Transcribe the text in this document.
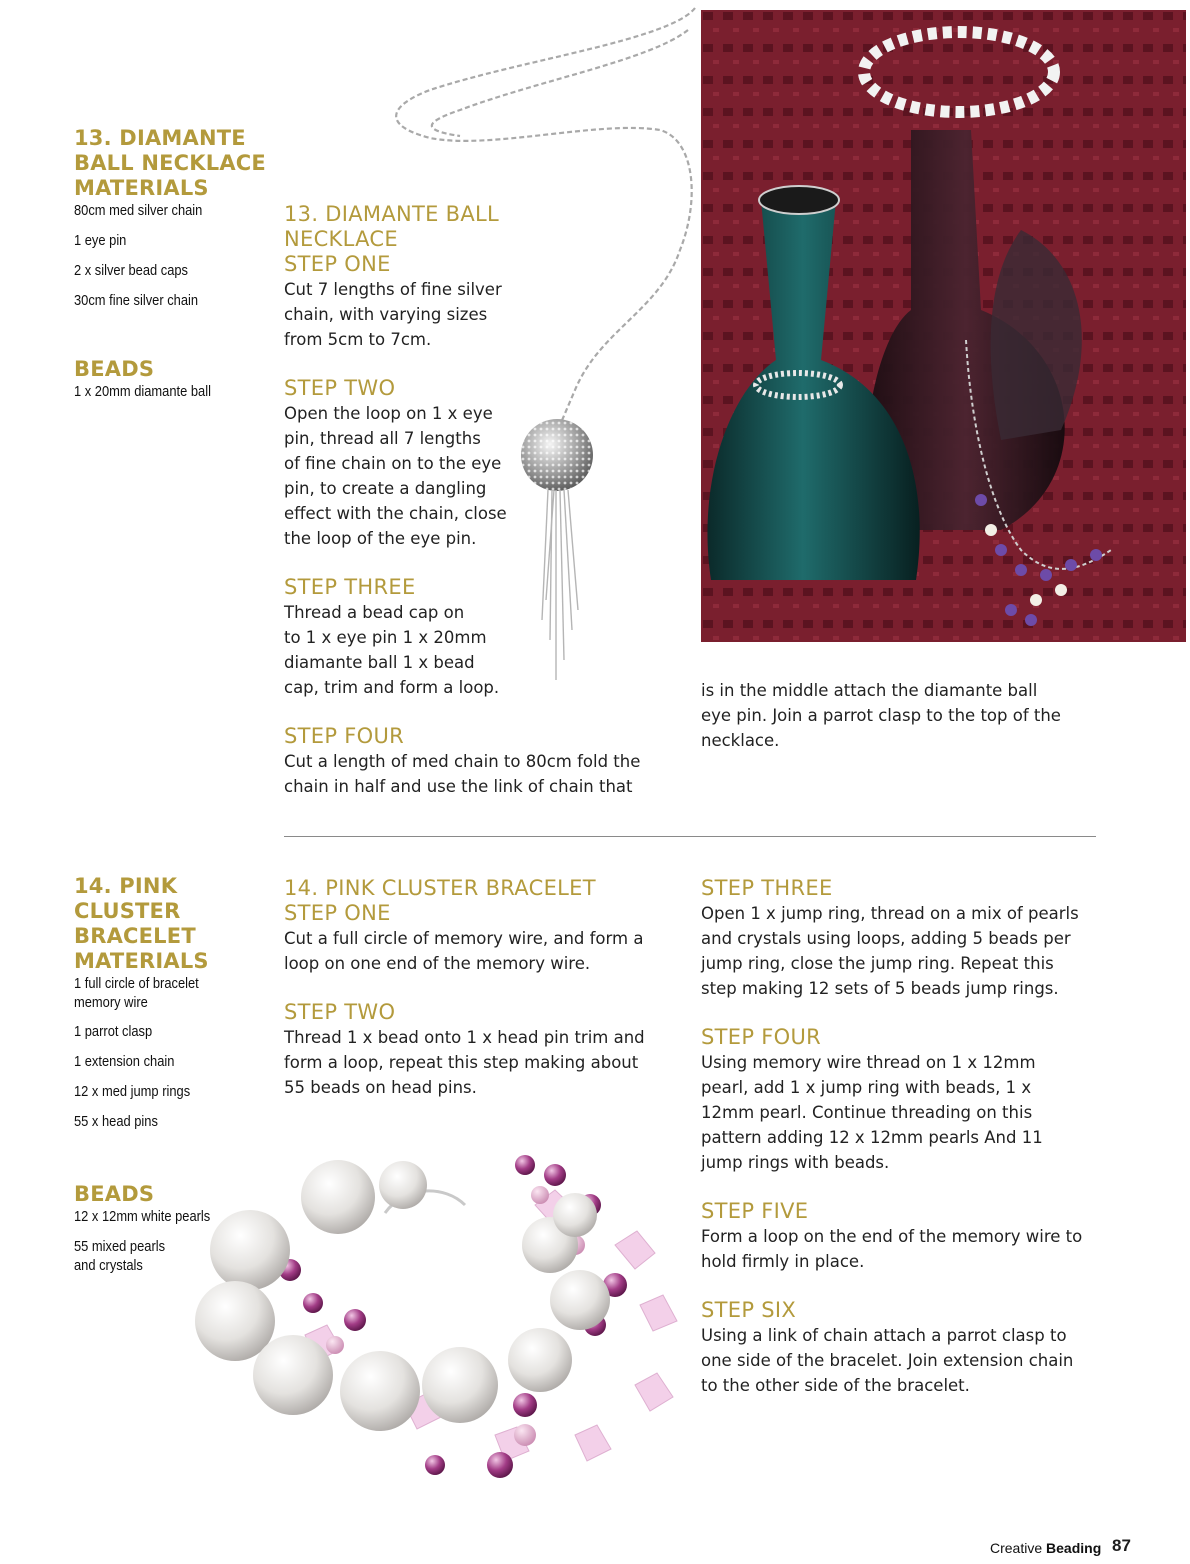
13. DIAMANTE
BALL NECKLACE
MATERIALS

80cm med silver chain

1 eye pin

2 x silver bead caps

30cm fine silver chain

BEADS

1 x 20mm diamante ball

13. DIAMANTE BALL
NECKLACE
STEP ONE

Cut 7 lengths of fine silver

chain, with varying sizes

from 5cm to 7cm.

STEP TWO

Open the loop on 1 x eye

pin, thread all 7 lengths

of fine chain on to the eye

pin, to create a dangling

effect with the chain, close

the loop of the eye pin.

STEP THREE

Thread a bead cap on

to 1 x eye pin 1 x 20mm

diamante ball 1 x bead

cap, trim and form a loop.

STEP FOUR

Cut a length of med chain to 80cm fold the

chain in half and use the link of chain that

is in the middle attach the diamante ball

eye pin. Join a parrot clasp to the top of the

necklace.

14. PINK
CLUSTER
BRACELET
MATERIALS
1 full circle of bracelet
memory wire

1 parrot clasp

1 extension chain

12 x med jump rings

55 x head pins

BEADS

12 x 12mm white pearls

55 mixed pearls
and crystals
14. PINK CLUSTER BRACELET
STEP ONE

Cut a full circle of memory wire, and form a

loop on one end of the memory wire.

STEP TWO

Thread 1 x bead onto 1 x head pin trim and

form a loop, repeat this step making about

55 beads on head pins.

STEP THREE

Open 1 x jump ring, thread on a mix of pearls

and crystals using loops, adding 5 beads per

jump ring, close the jump ring. Repeat this

step making 12 sets of 5 beads jump rings.

STEP FOUR

Using memory wire thread on 1 x 12mm

pearl, add 1 x jump ring with beads, 1 x

12mm pearl. Continue threading on this

pattern adding 12 x 12mm pearls And 11

jump rings with beads.

STEP FIVE

Form a loop on the end of the memory wire to

hold firmly in place.

STEP SIX

Using a link of chain attach a parrot clasp to

one side of the bracelet. Join extension chain

to the other side of the bracelet.

Creative Beading 87
